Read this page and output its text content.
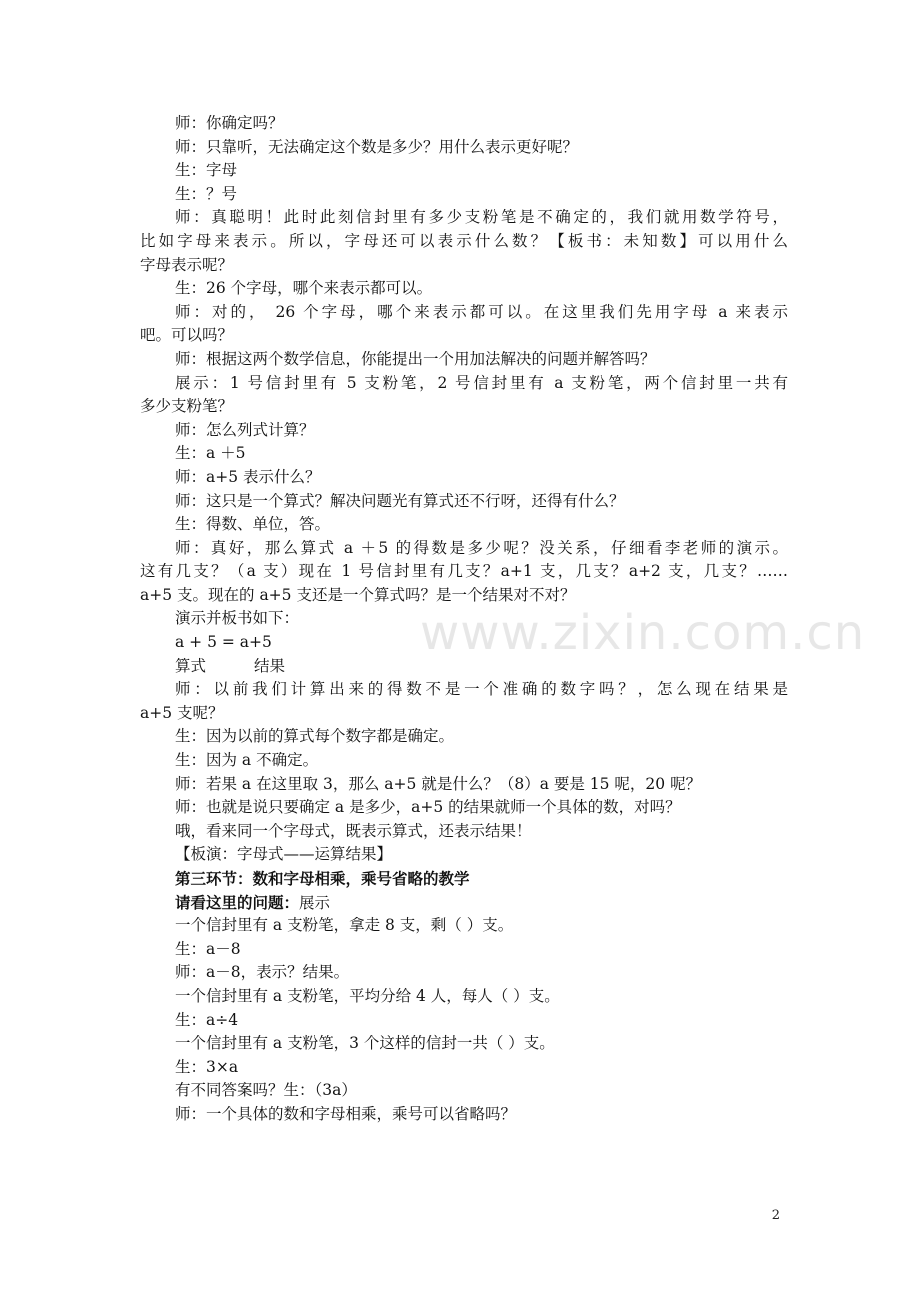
师：你确定吗？
师：只靠听，无法确定这个数是多少？用什么表示更好呢？
生：字母
生：？号
师：真聪明！此时此刻信封里有多少支粉笔是不确定的，我们就用数学符号，
比如字母来表示。所以，字母还可以表示什么数？【板书：未知数】可以用什么
字母表示呢？
生：26 个字母，哪个来表示都可以。
师：对的， 26 个字母，哪个来表示都可以。在这里我们先用字母 a 来表示
吧。可以吗？
师：根据这两个数学信息，你能提出一个用加法解决的问题并解答吗？
展示：1 号信封里有 5 支粉笔，2 号信封里有 a 支粉笔，两个信封里一共有
多少支粉笔？
师：怎么列式计算？
生：a ＋5
师：a+5 表示什么？
师：这只是一个算式？解决问题光有算式还不行呀，还得有什么？
生：得数、单位，答。
师：真好，那么算式 a ＋5 的得数是多少呢？没关系，仔细看李老师的演示。
这有几支？（a 支）现在 1 号信封里有几支？a+1 支，几支？a+2 支，几支？……
a+5 支。现在的 a+5 支还是一个算式吗？是一个结果对不对？
演示并板书如下：
a + 5 = a+5
算式	结果
师：以前我们计算出来的得数不是一个准确的数字吗？，怎么现在结果是
a+5 支呢？
生：因为以前的算式每个数字都是确定。
生：因为 a 不确定。
师：若果 a 在这里取 3，那么 a+5 就是什么？（8）a 要是 15 呢，20 呢？
师：也就是说只要确定 a 是多少，a+5 的结果就师一个具体的数，对吗？
哦，看来同一个字母式，既表示算式，还表示结果！
【板演：字母式——运算结果】
第三环节：数和字母相乘，乘号省略的教学
请看这里的问题：展示
一个信封里有 a 支粉笔，拿走 8 支，剩（ ）支。
生：a－8
师：a－8，表示？结果。
一个信封里有 a 支粉笔，平均分给 4 人，每人（ ）支。
生：a÷4
一个信封里有 a 支粉笔，3 个这样的信封一共（ ）支。
生：3×a
有不同答案吗？生：（3a）
师：一个具体的数和字母相乘，乘号可以省略吗？
www.zixin.com.cn
2
